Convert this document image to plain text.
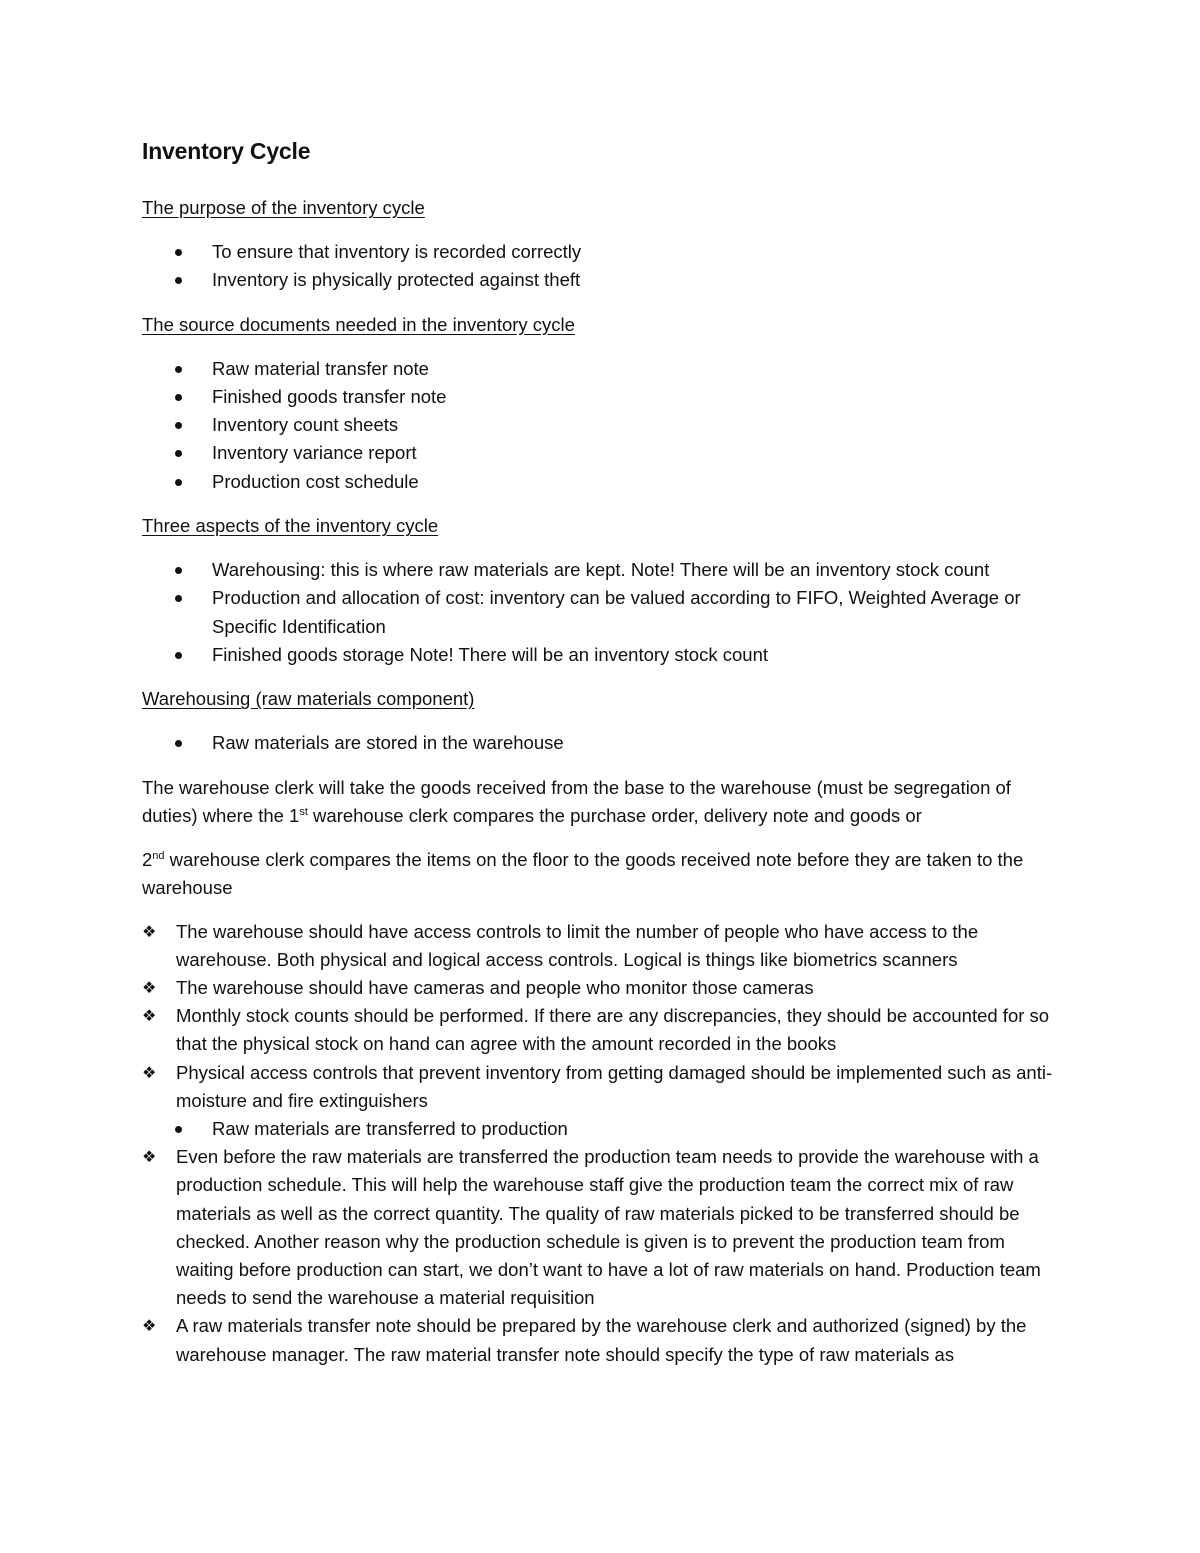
Inventory Cycle

The purpose of the inventory cycle

To ensure that inventory is recorded correctly
Inventory is physically protected against theft

The source documents needed in the inventory cycle

Raw material transfer note
Finished goods transfer note
Inventory count sheets
Inventory variance report
Production cost schedule

Three aspects of the inventory cycle

Warehousing: this is where raw materials are kept. Note! There will be an inventory stock count
Production and allocation of cost: inventory can be valued according to FIFO, Weighted Average or Specific Identification
Finished goods storage Note! There will be an inventory stock count

Warehousing (raw materials component)

Raw materials are stored in the warehouse

The warehouse clerk will take the goods received from the base to the warehouse (must be segregation of duties) where the 1st warehouse clerk compares the purchase order, delivery note and goods or

2nd warehouse clerk compares the items on the floor to the goods received note before they are taken to the warehouse

❖ The warehouse should have access controls to limit the number of people who have access to the warehouse. Both physical and logical access controls. Logical is things like biometrics scanners
❖ The warehouse should have cameras and people who monitor those cameras
❖ Monthly stock counts should be performed. If there are any discrepancies, they should be accounted for so that the physical stock on hand can agree with the amount recorded in the books
❖ Physical access controls that prevent inventory from getting damaged should be implemented such as anti-moisture and fire extinguishers
Raw materials are transferred to production
❖ Even before the raw materials are transferred the production team needs to provide the warehouse with a production schedule. This will help the warehouse staff give the production team the correct mix of raw materials as well as the correct quantity. The quality of raw materials picked to be transferred should be checked. Another reason why the production schedule is given is to prevent the production team from waiting before production can start, we don’t want to have a lot of raw materials on hand. Production team needs to send the warehouse a material requisition
❖ A raw materials transfer note should be prepared by the warehouse clerk and authorized (signed) by the warehouse manager. The raw material transfer note should specify the type of raw materials as
